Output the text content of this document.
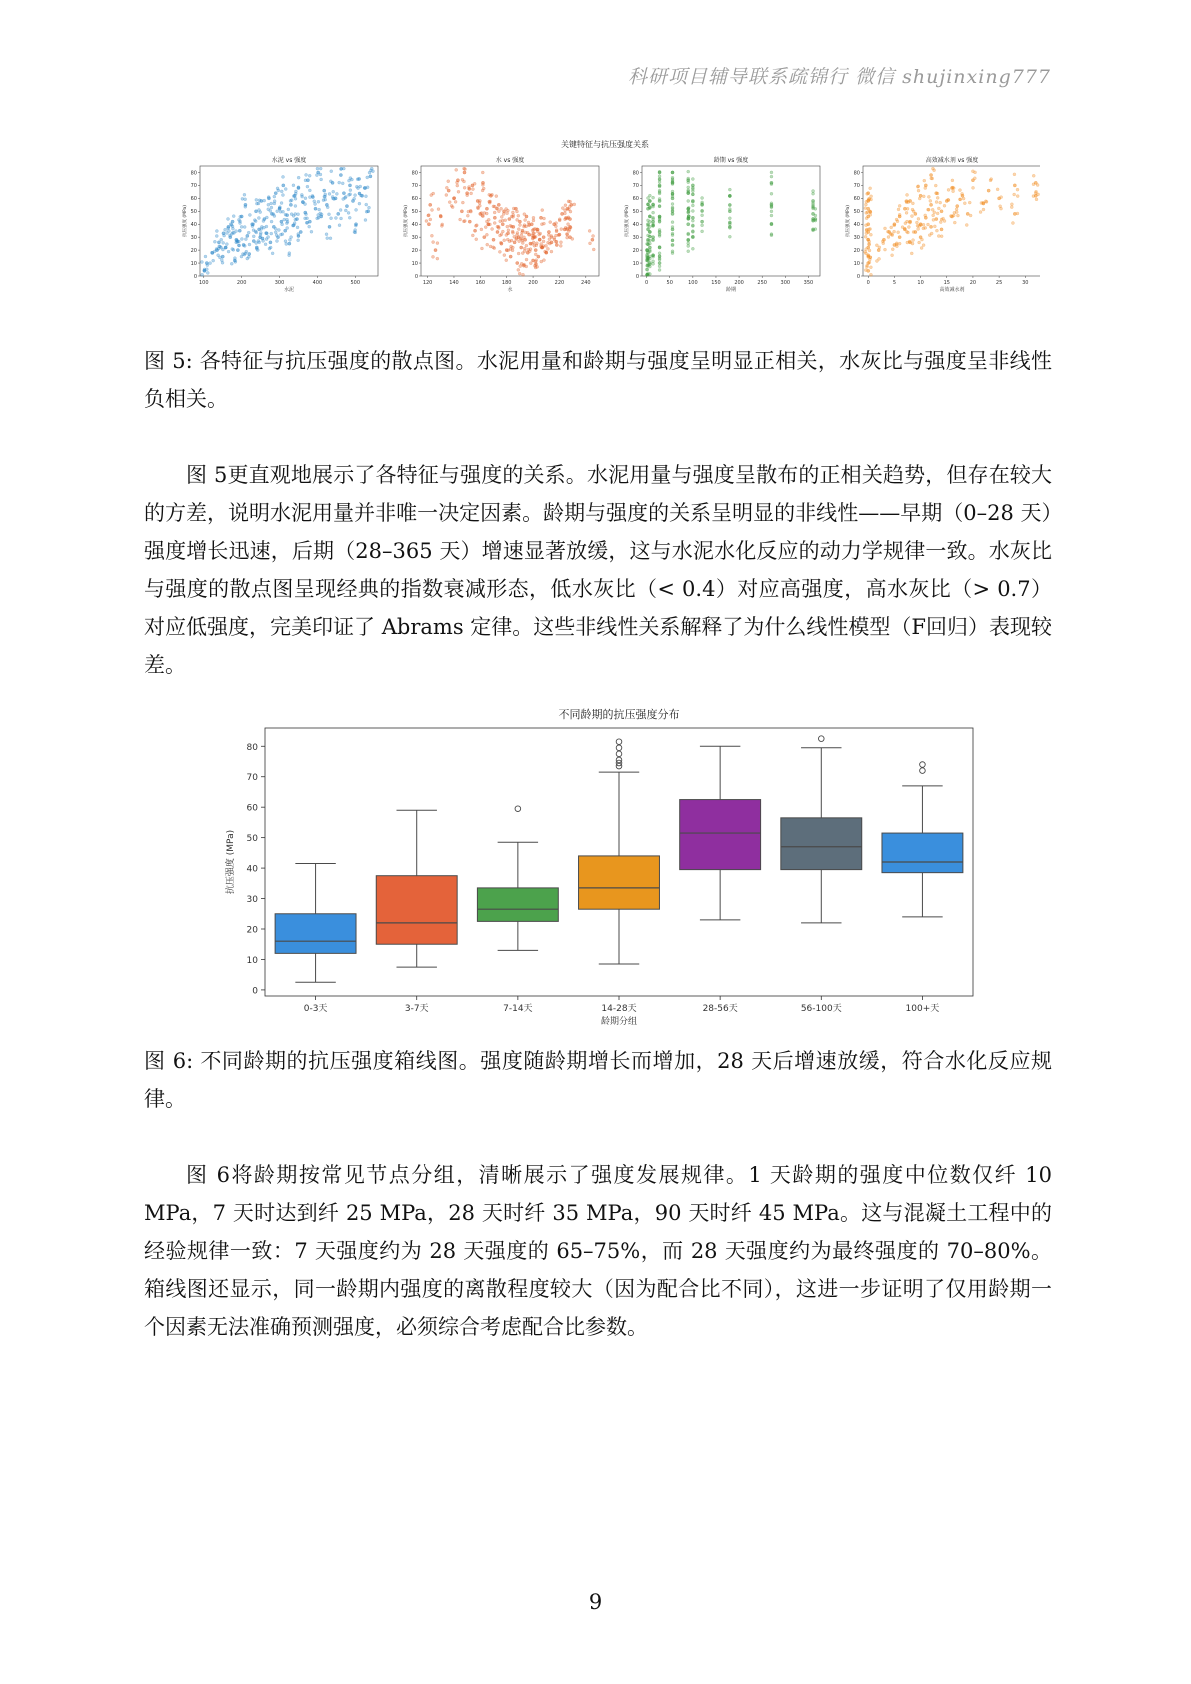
科研项目辅导联系疏锦行 微信 shujinxing777
关键特征与抗压强度关系
水泥 vs 强度
0
10
20
30
40
50
60
70
80
100	200	300	400	500
水泥
抗压强度 (MPa)
水 vs 强度
0
10
20
30
40
50
60
70
80
120	140	160	180	200	220	240
水
抗压强度 (MPa)
龄期 vs 强度
0
10
20
30
40
50
60
70
80
0	50	100	150	200	250	300	350
龄期
抗压强度 (MPa)
高效减水剂 vs 强度
0
10
20
30
40
50
60
70
80
0	5	10	15	20	25	30
高效减水剂
抗压强度 (MPa)
图 5: 各特征与抗压强度的散点图。水泥用量和龄期与强度呈明显正相关，水灰比与强度呈非线性负相关。
图 5更直观地展示了各特征与强度的关系。水泥用量与强度呈散布的正相关趋势，但存在较大的方差，说明水泥用量并非唯一决定因素。龄期与强度的关系呈明显的非线性——早期（0–28 天）强度增长迅速，后期（28–365 天）增速显著放缓，这与水泥水化反应的动力学规律一致。水灰比与强度的散点图呈现经典的指数衰减形态，低水灰比（< 0.4）对应高强度，高水灰比（> 0.7）对应低强度，完美印证了 Abrams 定律。这些非线性关系解释了为什么线性模型（F回归）表现较差。
不同龄期的抗压强度分布
0
10
20
30
40
50
60
70
80
抗压强度 (MPa)
0-3天	3-7天	7-14天	14-28天	28-56天	56-100天	100+天
龄期分组
图 6: 不同龄期的抗压强度箱线图。强度随龄期增长而增加，28 天后增速放缓，符合水化反应规律。
图 6将龄期按常见节点分组，清晰展示了强度发展规律。1 天龄期的强度中位数仅纤 10 MPa，7 天时达到纤 25 MPa，28 天时纤 35 MPa，90 天时纤 45 MPa。这与混凝土工程中的经验规律一致：7 天强度约为 28 天强度的 65–75%，而 28 天强度约为最终强度的 70–80%。箱线图还显示，同一龄期内强度的离散程度较大（因为配合比不同），这进一步证明了仅用龄期一个因素无法准确预测强度，必须综合考虑配合比参数。
9
